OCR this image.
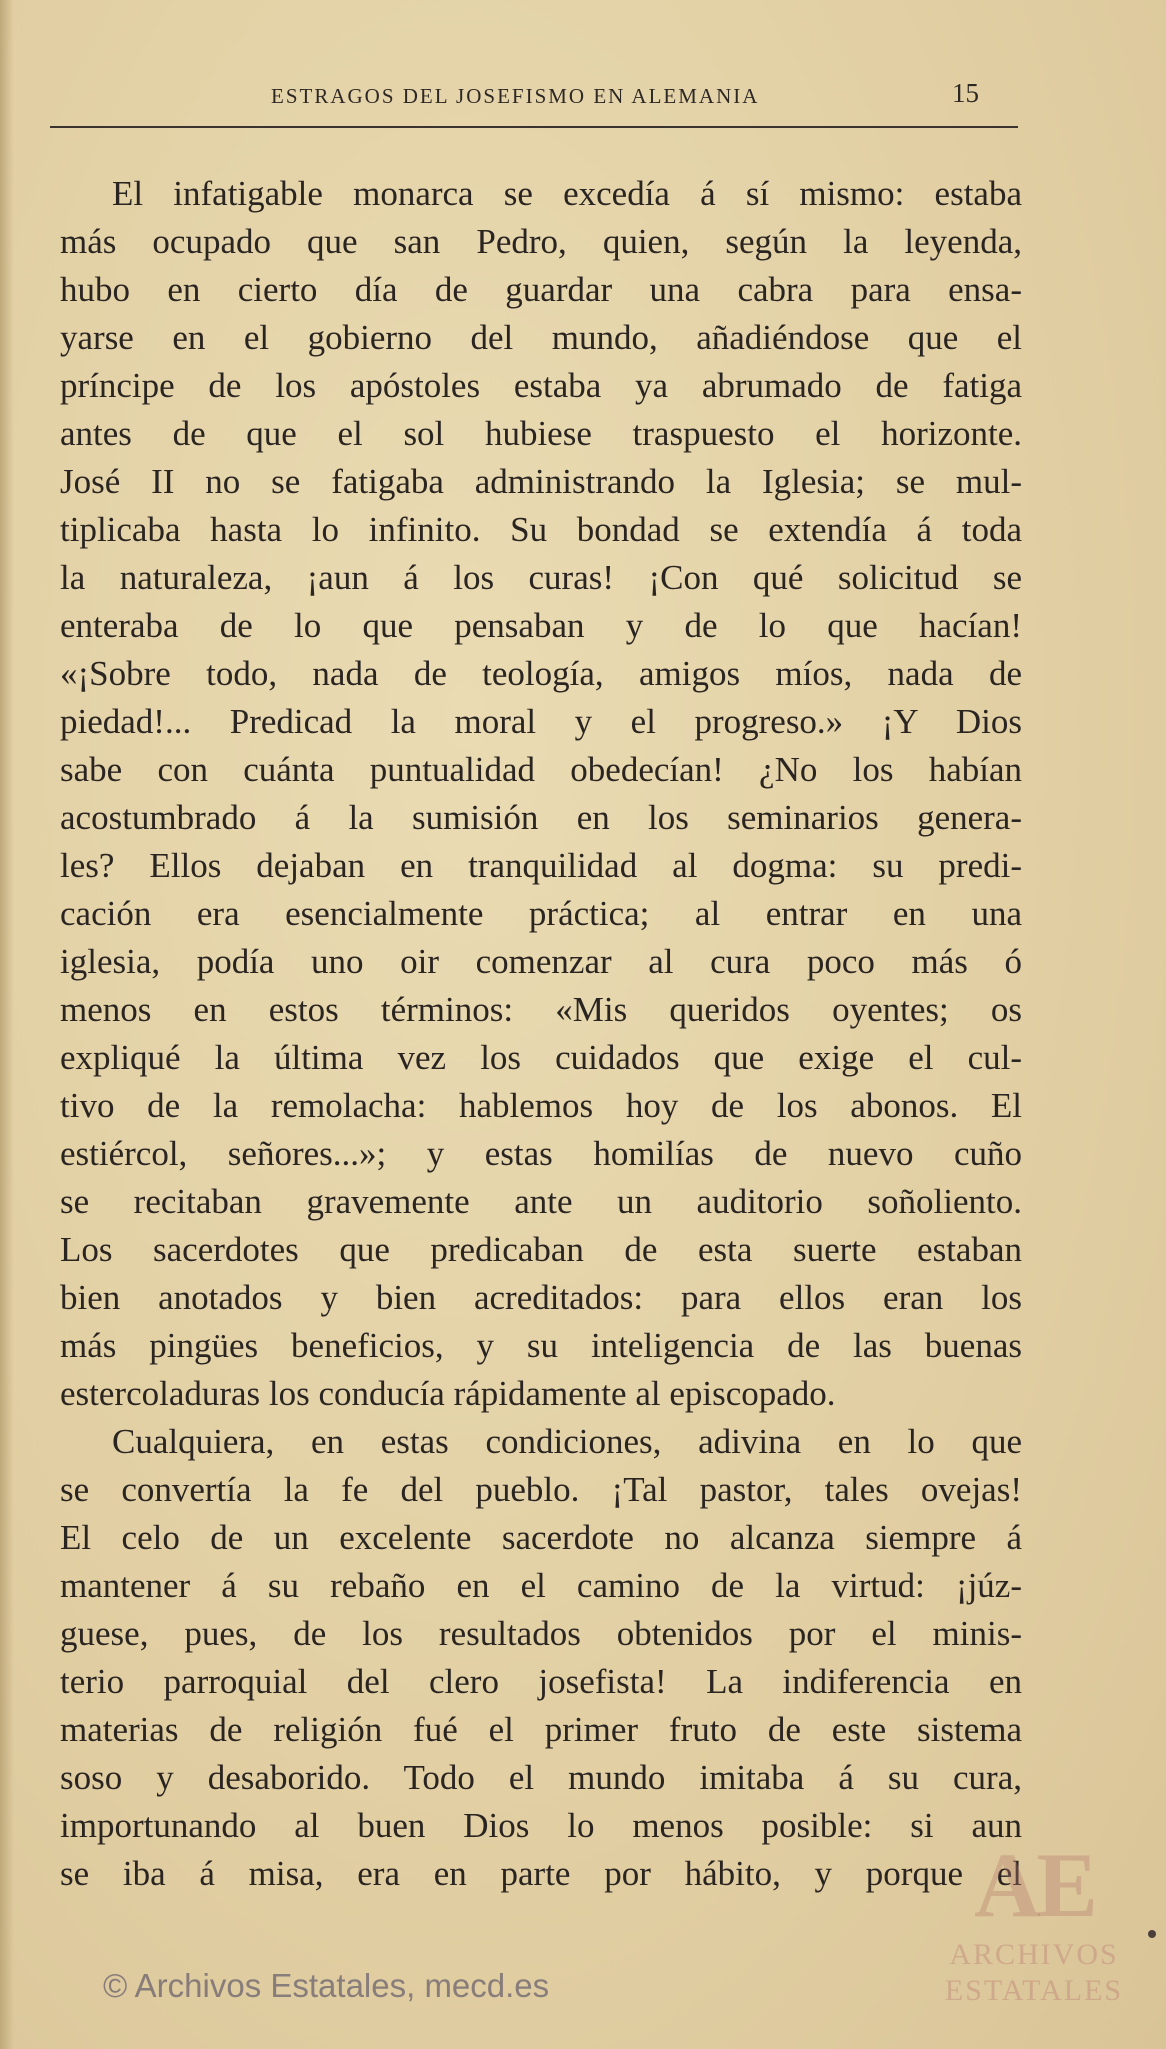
ESTRAGOS DEL JOSEFISMO EN ALEMANIA	15
El infatigable monarca se excedía á sí mismo: estaba
más ocupado que san Pedro, quien, según la leyenda,
hubo en cierto día de guardar una cabra para ensa-
yarse en el gobierno del mundo, añadiéndose que el
príncipe de los apóstoles estaba ya abrumado de fatiga
antes de que el sol hubiese traspuesto el horizonte.
José II no se fatigaba administrando la Iglesia; se mul-
tiplicaba hasta lo infinito. Su bondad se extendía á toda
la naturaleza, ¡aun á los curas! ¡Con qué solicitud se
enteraba de lo que pensaban y de lo que hacían!
«¡Sobre todo, nada de teología, amigos míos, nada de
piedad!... Predicad la moral y el progreso.» ¡Y Dios
sabe con cuánta puntualidad obedecían! ¿No los habían
acostumbrado á la sumisión en los seminarios genera-
les? Ellos dejaban en tranquilidad al dogma: su predi-
cación era esencialmente práctica; al entrar en una
iglesia, podía uno oir comenzar al cura poco más ó
menos en estos términos: «Mis queridos oyentes; os
expliqué la última vez los cuidados que exige el cul-
tivo de la remolacha: hablemos hoy de los abonos. El
estiércol, señores...»; y estas homilías de nuevo cuño
se recitaban gravemente ante un auditorio soñoliento.
Los sacerdotes que predicaban de esta suerte estaban
bien anotados y bien acreditados: para ellos eran los
más pingües beneficios, y su inteligencia de las buenas
estercoladuras los conducía rápidamente al episcopado.
Cualquiera, en estas condiciones, adivina en lo que
se convertía la fe del pueblo. ¡Tal pastor, tales ovejas!
El celo de un excelente sacerdote no alcanza siempre á
mantener á su rebaño en el camino de la virtud: ¡júz-
guese, pues, de los resultados obtenidos por el minis-
terio parroquial del clero josefista! La indiferencia en
materias de religión fué el primer fruto de este sistema
soso y desaborido. Todo el mundo imitaba á su cura,
importunando al buen Dios lo menos posible: si aun
se iba á misa, era en parte por hábito, y porque el
AE
ARCHIVOS
ESTATALES
© Archivos Estatales, mecd.es
